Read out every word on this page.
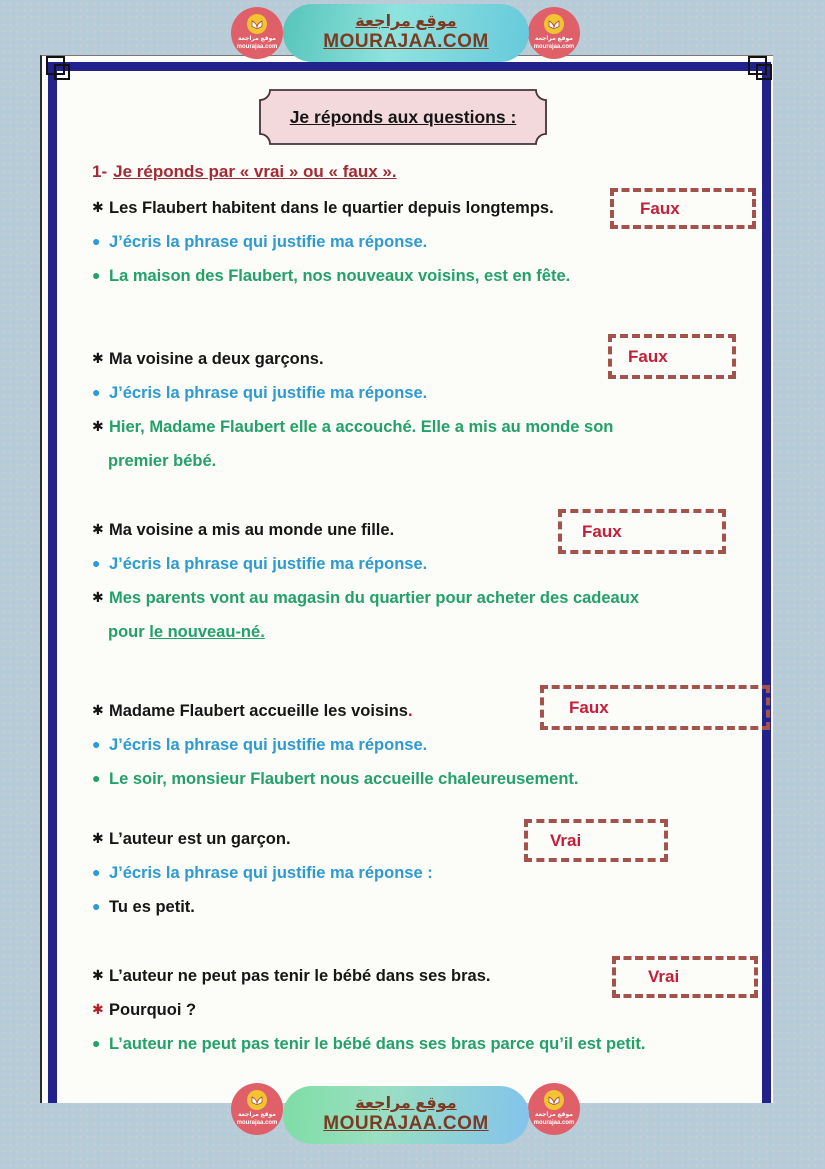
موقع مراجعة
mourajaa.com
موقع مراجعة
MOURAJAA.COM	موقع مراجعة
mourajaa.com
Je réponds aux questions :
1- Je réponds par « vrai » ou « faux ».
✱ Les Flaubert habitent dans le quartier depuis longtemps.	Faux
● J’écris la phrase qui justifie ma réponse.
● La maison des Flaubert, nos nouveaux voisins, est en fête.
✱ Ma voisine a deux garçons.	Faux
● J’écris la phrase qui justifie ma réponse.
✱ Hier, Madame Flaubert elle a accouché. Elle a mis au monde son
premier bébé.
✱ Ma voisine a mis au monde une fille.	Faux
● J’écris la phrase qui justifie ma réponse.
✱ Mes parents vont au magasin du quartier pour acheter des cadeaux
pour le nouveau-né.
✱ Madame Flaubert accueille les voisins.	Faux
● J’écris la phrase qui justifie ma réponse.
● Le soir, monsieur Flaubert nous accueille chaleureusement.
✱ L’auteur est un garçon.	Vrai
● J’écris la phrase qui justifie ma réponse :
● Tu es petit.
✱ L’auteur ne peut pas tenir le bébé dans ses bras.	Vrai
✱ Pourquoi ?
● L’auteur ne peut pas tenir le bébé dans ses bras parce qu’il est petit.
موقع مراجعة
mourajaa.com
موقع مراجعة
MOURAJAA.COM	موقع مراجعة
mourajaa.com
